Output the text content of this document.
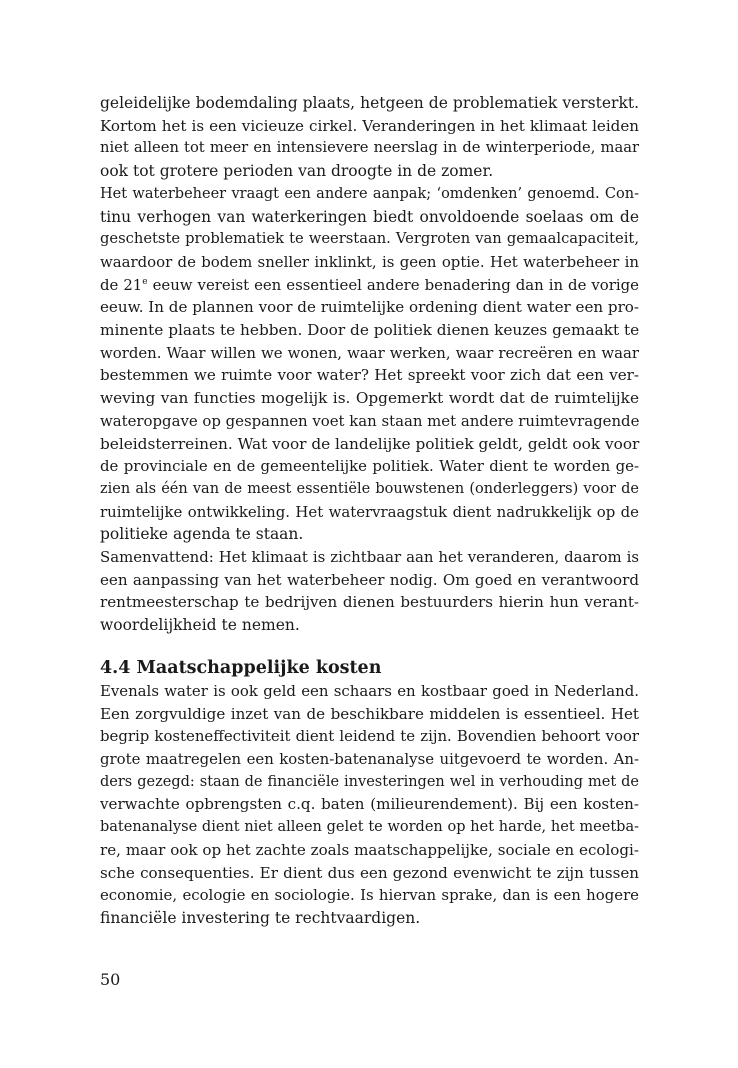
geleidelijke bodemdaling plaats, hetgeen de problematiek versterkt.
Kortom het is een vicieuze cirkel. Veranderingen in het klimaat leiden
niet alleen tot meer en intensievere neerslag in de winterperiode, maar
ook tot grotere perioden van droogte in de zomer.

Het waterbeheer vraagt een andere aanpak; ‘omdenken’ genoemd. Con-
tinu verhogen van waterkeringen biedt onvoldoende soelaas om de
geschetste problematiek te weerstaan. Vergroten van gemaalcapaciteit,
waardoor de bodem sneller inklinkt, is geen optie. Het waterbeheer in
de 21e eeuw vereist een essentieel andere benadering dan in de vorige
eeuw. In de plannen voor de ruimtelijke ordening dient water een pro-
minente plaats te hebben. Door de politiek dienen keuzes gemaakt te
worden. Waar willen we wonen, waar werken, waar recreëren en waar
bestemmen we ruimte voor water? Het spreekt voor zich dat een ver-
weving van functies mogelijk is. Opgemerkt wordt dat de ruimtelijke
wateropgave op gespannen voet kan staan met andere ruimtevragende
beleidsterreinen. Wat voor de landelijke politiek geldt, geldt ook voor
de provinciale en de gemeentelijke politiek. Water dient te worden ge-
zien als één van de meest essentiële bouwstenen (onderleggers) voor de
ruimtelijke ontwikkeling. Het watervraagstuk dient nadrukkelijk op de
politieke agenda te staan.

Samenvattend: Het klimaat is zichtbaar aan het veranderen, daarom is
een aanpassing van het waterbeheer nodig. Om goed en verantwoord
rentmeesterschap te bedrijven dienen bestuurders hierin hun verant-
woordelijkheid te nemen.

4.4 Maatschappelijke kosten

Evenals water is ook geld een schaars en kostbaar goed in Nederland.
Een zorgvuldige inzet van de beschikbare middelen is essentieel. Het
begrip kosteneffectiviteit dient leidend te zijn. Bovendien behoort voor
grote maatregelen een kosten-batenanalyse uitgevoerd te worden. An-
ders gezegd: staan de financiële investeringen wel in verhouding met de
verwachte opbrengsten c.q. baten (milieurendement). Bij een kosten-
batenanalyse dient niet alleen gelet te worden op het harde, het meetba-
re, maar ook op het zachte zoals maatschappelijke, sociale en ecologi-
sche consequenties. Er dient dus een gezond evenwicht te zijn tussen
economie, ecologie en sociologie. Is hiervan sprake, dan is een hogere
financiële investering te rechtvaardigen.

50
